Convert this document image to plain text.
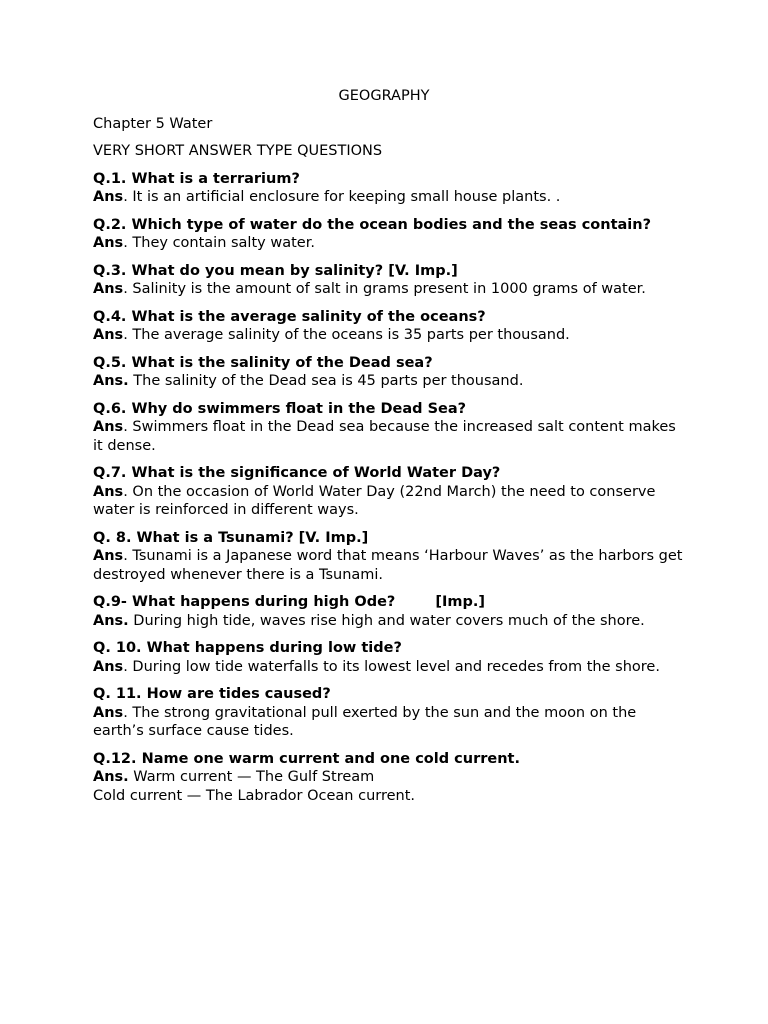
GEOGRAPHY
Chapter 5 Water
VERY SHORT ANSWER TYPE QUESTIONS
Q.1. What is a terrarium?
Ans. It is an artificial enclosure for keeping small house plants. .
Q.2. Which type of water do the ocean bodies and the seas contain?
Ans. They contain salty water.
Q.3. What do you mean by salinity? [V. Imp.]
Ans. Salinity is the amount of salt in grams present in 1000 grams of water.
Q.4. What is the average salinity of the oceans?
Ans. The average salinity of the oceans is 35 parts per thousand.
Q.5. What is the salinity of the Dead sea?
Ans. The salinity of the Dead sea is 45 parts per thousand.
Q.6. Why do swimmers float in the Dead Sea?
Ans. Swimmers float in the Dead sea because the increased salt content makes it dense.
Q.7. What is the significance of World Water Day?
Ans. On the occasion of World Water Day (22nd March) the need to conserve water is reinforced in different ways.
Q. 8. What is a Tsunami? [V. Imp.]
Ans. Tsunami is a Japanese word that means ‘Harbour Waves’ as the harbors get destroyed whenever there is a Tsunami.
Q.9- What happens during high Ode?	[Imp.]
Ans. During high tide, waves rise high and water covers much of the shore.
Q. 10. What happens during low tide?
Ans. During low tide waterfalls to its lowest level and recedes from the shore.
Q. 11. How are tides caused?
Ans. The strong gravitational pull exerted by the sun and the moon on the earth’s surface cause tides.
Q.12. Name one warm current and one cold current.
Ans. Warm current — The Gulf Stream
Cold current — The Labrador Ocean current.
